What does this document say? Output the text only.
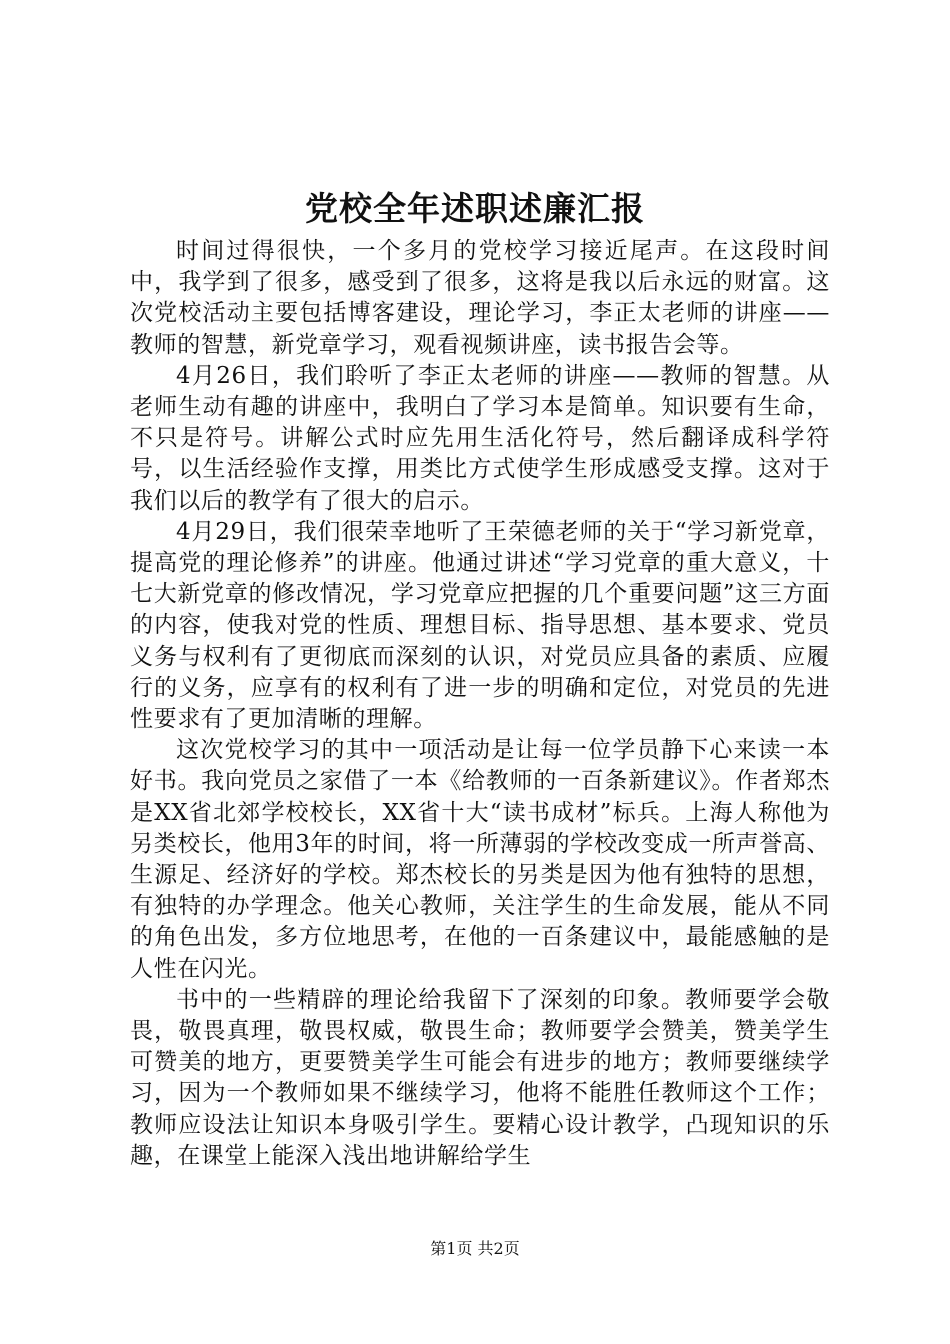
党校全年述职述廉汇报

时间过得很快，一个多月的党校学习接近尾声。在这段时间中，我学到了很多，感受到了很多，这将是我以后永远的财富。这次党校活动主要包括博客建设，理论学习，李正太老师的讲座——教师的智慧，新党章学习，观看视频讲座，读书报告会等。

4月26日，我们聆听了李正太老师的讲座——教师的智慧。从老师生动有趣的讲座中，我明白了学习本是简单。知识要有生命，不只是符号。讲解公式时应先用生活化符号，然后翻译成科学符号，以生活经验作支撑，用类比方式使学生形成感受支撑。这对于我们以后的教学有了很大的启示。

4月29日，我们很荣幸地听了王荣德老师的关于“学习新党章，提高党的理论修养”的讲座。他通过讲述“学习党章的重大意义，十七大新党章的修改情况，学习党章应把握的几个重要问题”这三方面的内容，使我对党的性质、理想目标、指导思想、基本要求、党员义务与权利有了更彻底而深刻的认识，对党员应具备的素质、应履行的义务，应享有的权利有了进一步的明确和定位，对党员的先进性要求有了更加清晰的理解。

这次党校学习的其中一项活动是让每一位学员静下心来读一本好书。我向党员之家借了一本《给教师的一百条新建议》。作者郑杰是XX省北郊学校校长，XX省十大“读书成材”标兵。上海人称他为另类校长，他用3年的时间，将一所薄弱的学校改变成一所声誉高、生源足、经济好的学校。郑杰校长的另类是因为他有独特的思想，有独特的办学理念。他关心教师，关注学生的生命发展，能从不同的角色出发，多方位地思考，在他的一百条建议中，最能感触的是人性在闪光。

书中的一些精辟的理论给我留下了深刻的印象。教师要学会敬畏，敬畏真理，敬畏权威，敬畏生命；教师要学会赞美，赞美学生可赞美的地方，更要赞美学生可能会有进步的地方；教师要继续学习，因为一个教师如果不继续学习，他将不能胜任教师这个工作；教师应设法让知识本身吸引学生。要精心设计教学，凸现知识的乐趣，在课堂上能深入浅出地讲解给学生

第1页 共2页
